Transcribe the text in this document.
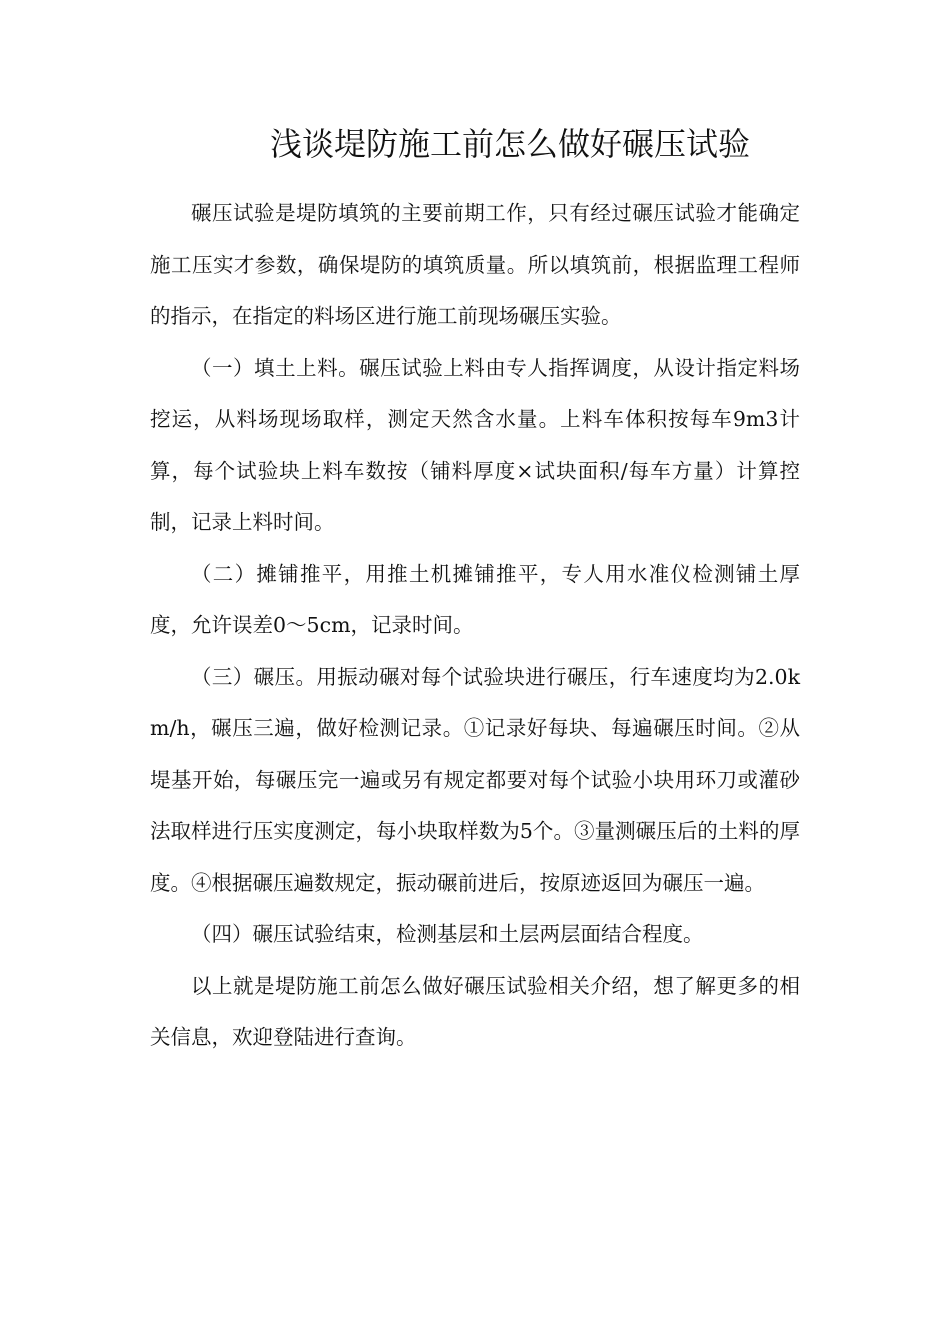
浅谈堤防施工前怎么做好碾压试验

碾压试验是堤防填筑的主要前期工作，只有经过碾压试验才能确定施工压实才参数，确保堤防的填筑质量。所以填筑前，根据监理工程师的指示，在指定的料场区进行施工前现场碾压实验。

（一）填土上料。碾压试验上料由专人指挥调度，从设计指定料场挖运，从料场现场取样，测定天然含水量。上料车体积按每车9m3计算，每个试验块上料车数按（铺料厚度×试块面积/每车方量）计算控制，记录上料时间。

（二）摊铺推平，用推土机摊铺推平，专人用水准仪检测铺土厚度，允许误差0～5cm，记录时间。

（三）碾压。用振动碾对每个试验块进行碾压，行车速度均为2.0km/h，碾压三遍，做好检测记录。①记录好每块、每遍碾压时间。②从堤基开始，每碾压完一遍或另有规定都要对每个试验小块用环刀或灌砂法取样进行压实度测定，每小块取样数为5个。③量测碾压后的土料的厚度。④根据碾压遍数规定，振动碾前进后，按原迹返回为碾压一遍。

（四）碾压试验结束，检测基层和土层两层面结合程度。

以上就是堤防施工前怎么做好碾压试验相关介绍，想了解更多的相关信息，欢迎登陆进行查询。
